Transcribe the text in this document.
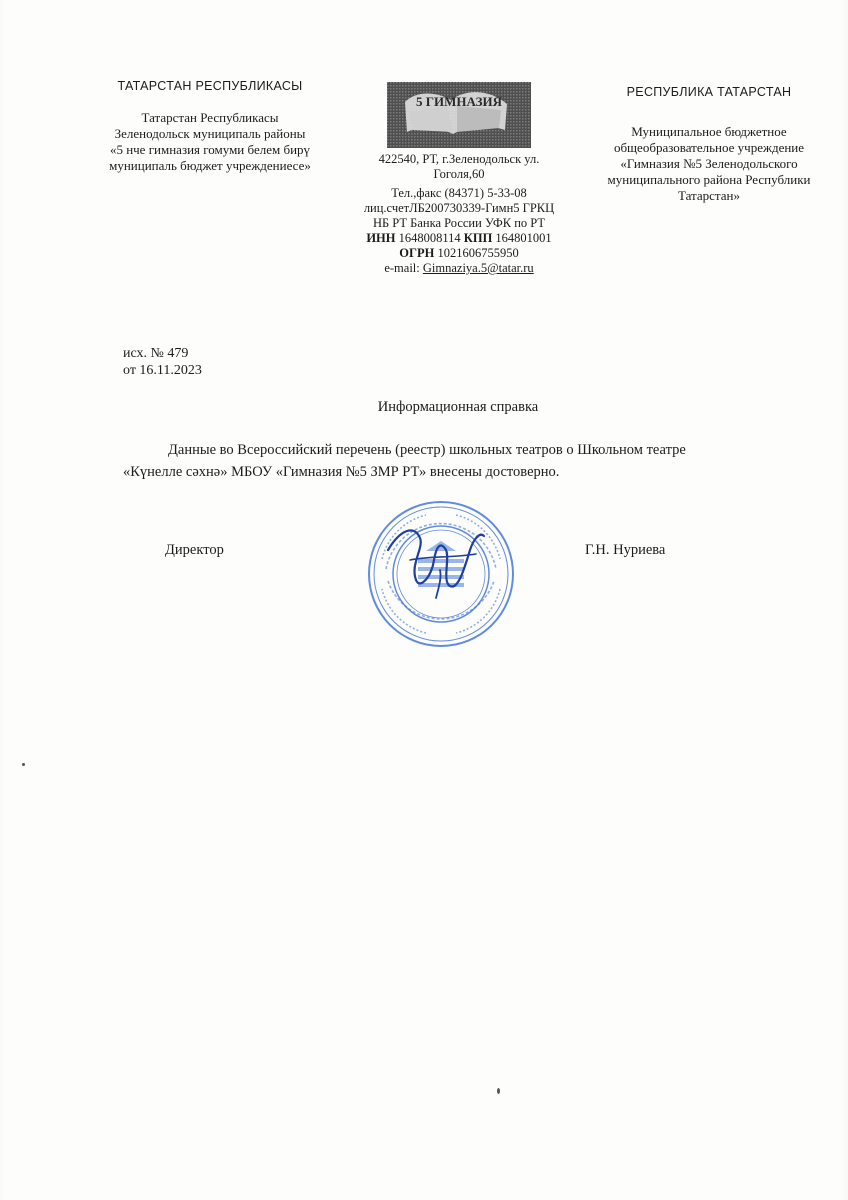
ТАТАРСТАН РЕСПУБЛИКАСЫ
Татарстан Республикасы
Зеленодольск муниципаль районы
«5 нче гимназия гомуми белем бирү
муниципаль бюджет учреждениесе»
5 ГИМНАЗИЯ
422540, РТ, г.Зеленодольск ул.
Гоголя,60
Тел.,факс (84371) 5-33-08
лиц.счетЛБ200730339-Гимн5 ГРКЦ
НБ РТ Банка России УФК по РТ
ИНН 1648008114 КПП 164801001
ОГРН 1021606755950
e-mail: Gimnaziya.5@tatar.ru
РЕСПУБЛИКА ТАТАРСТАН
Муниципальное бюджетное
общеобразовательное учреждение
«Гимназия №5 Зеленодольского
муниципального района Республики
Татарстан»
исх. № 479
от 16.11.2023
Информационная справка
Данные во Всероссийский перечень (реестр) школьных театров о Школьном театре
«Күнелле сәхнә» МБОУ «Гимназия №5 ЗМР РТ» внесены достоверно.
Директор	Г.Н. Нуриева
